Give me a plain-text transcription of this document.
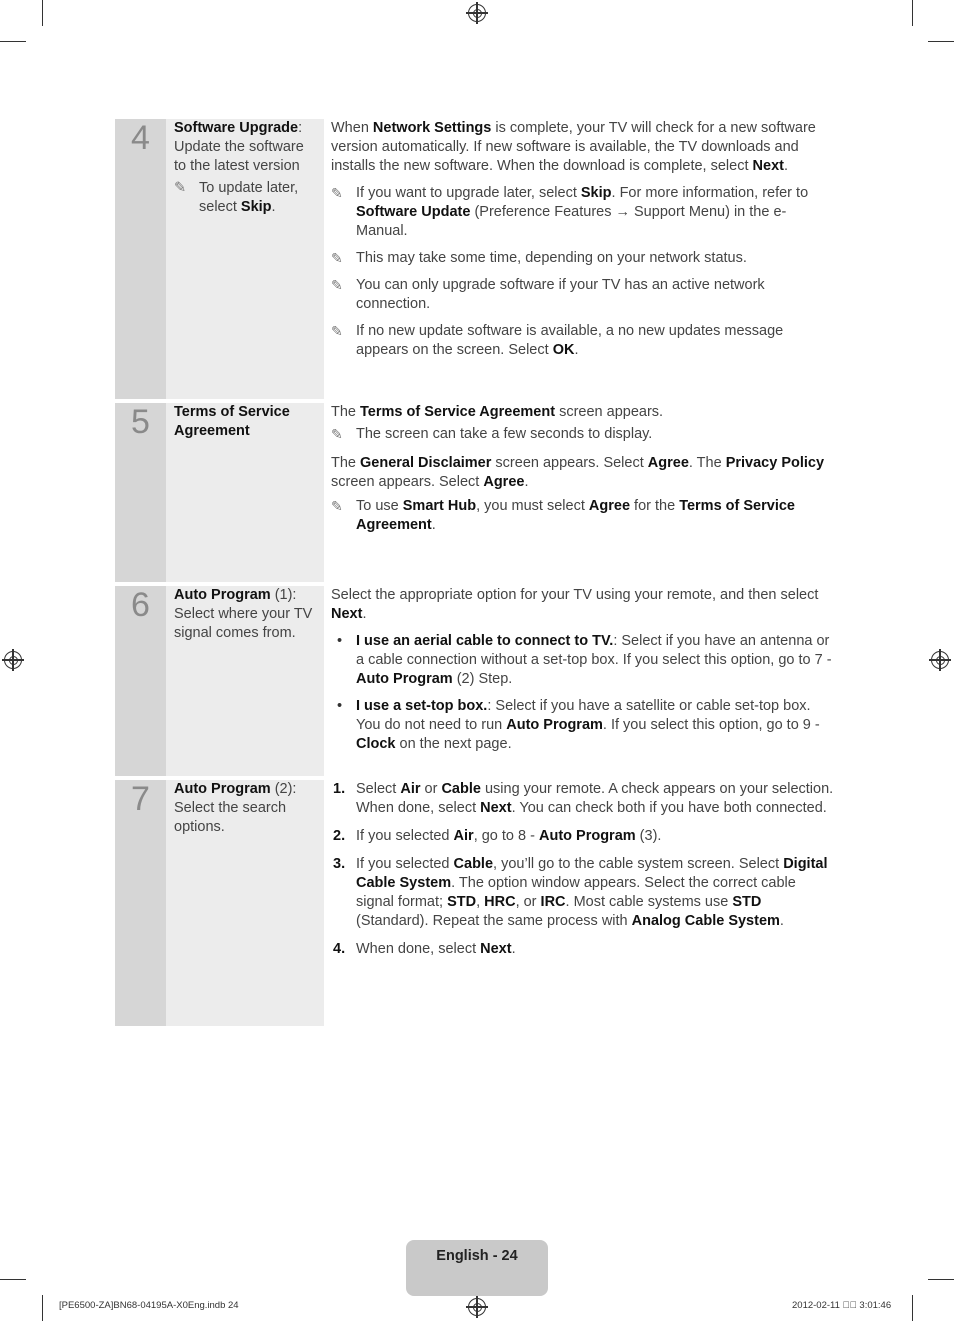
4	Software Upgrade: Update the software to the latest version
✎ To update later, select Skip.

When Network Settings is complete, your TV will check for a new software version automatically. If new software is available, the TV downloads and installs the new software. When the download is complete, select Next.

✎ If you want to upgrade later, select Skip. For more information, refer to Software Update (Preference Features → Support Menu) in the e-Manual.
✎ This may take some time, depending on your network status.
✎ You can only upgrade software if your TV has an active network connection.
✎ If no new update software is available, a no new updates message appears on the screen. Select OK.
5	Terms of Service Agreement
The Terms of Service Agreement screen appears.
✎ The screen can take a few seconds to display.
The General Disclaimer screen appears. Select Agree. The Privacy Policy screen appears. Select Agree.
✎ To use Smart Hub, you must select Agree for the Terms of Service Agreement.
6	Auto Program (1): Select where your TV signal comes from.

Select the appropriate option for your TV using your remote, and then select Next.

• I use an aerial cable to connect to TV.: Select if you have an antenna or a cable connection without a set-top box. If you select this option, go to 7 - Auto Program (2) Step.
• I use a set-top box.: Select if you have a satellite or cable set-top box. You do not need to run Auto Program. If you select this option, go to 9 - Clock on the next page.
7	Auto Program (2): Select the search options.
1. Select Air or Cable using your remote. A check appears on your selection. When done, select Next. You can check both if you have both connected.
2. If you selected Air, go to 8 - Auto Program (3).
3. If you selected Cable, you’ll go to the cable system screen. Select Digital Cable System. The option window appears. Select the correct cable signal format; STD, HRC, or IRC. Most cable systems use STD (Standard). Repeat the same process with Analog Cable System.
4. When done, select Next.
English - 24
[PE6500-ZA]BN68-04195A-X0Eng.indb 24	2012-02-11 ￿￿ 3:01:46
